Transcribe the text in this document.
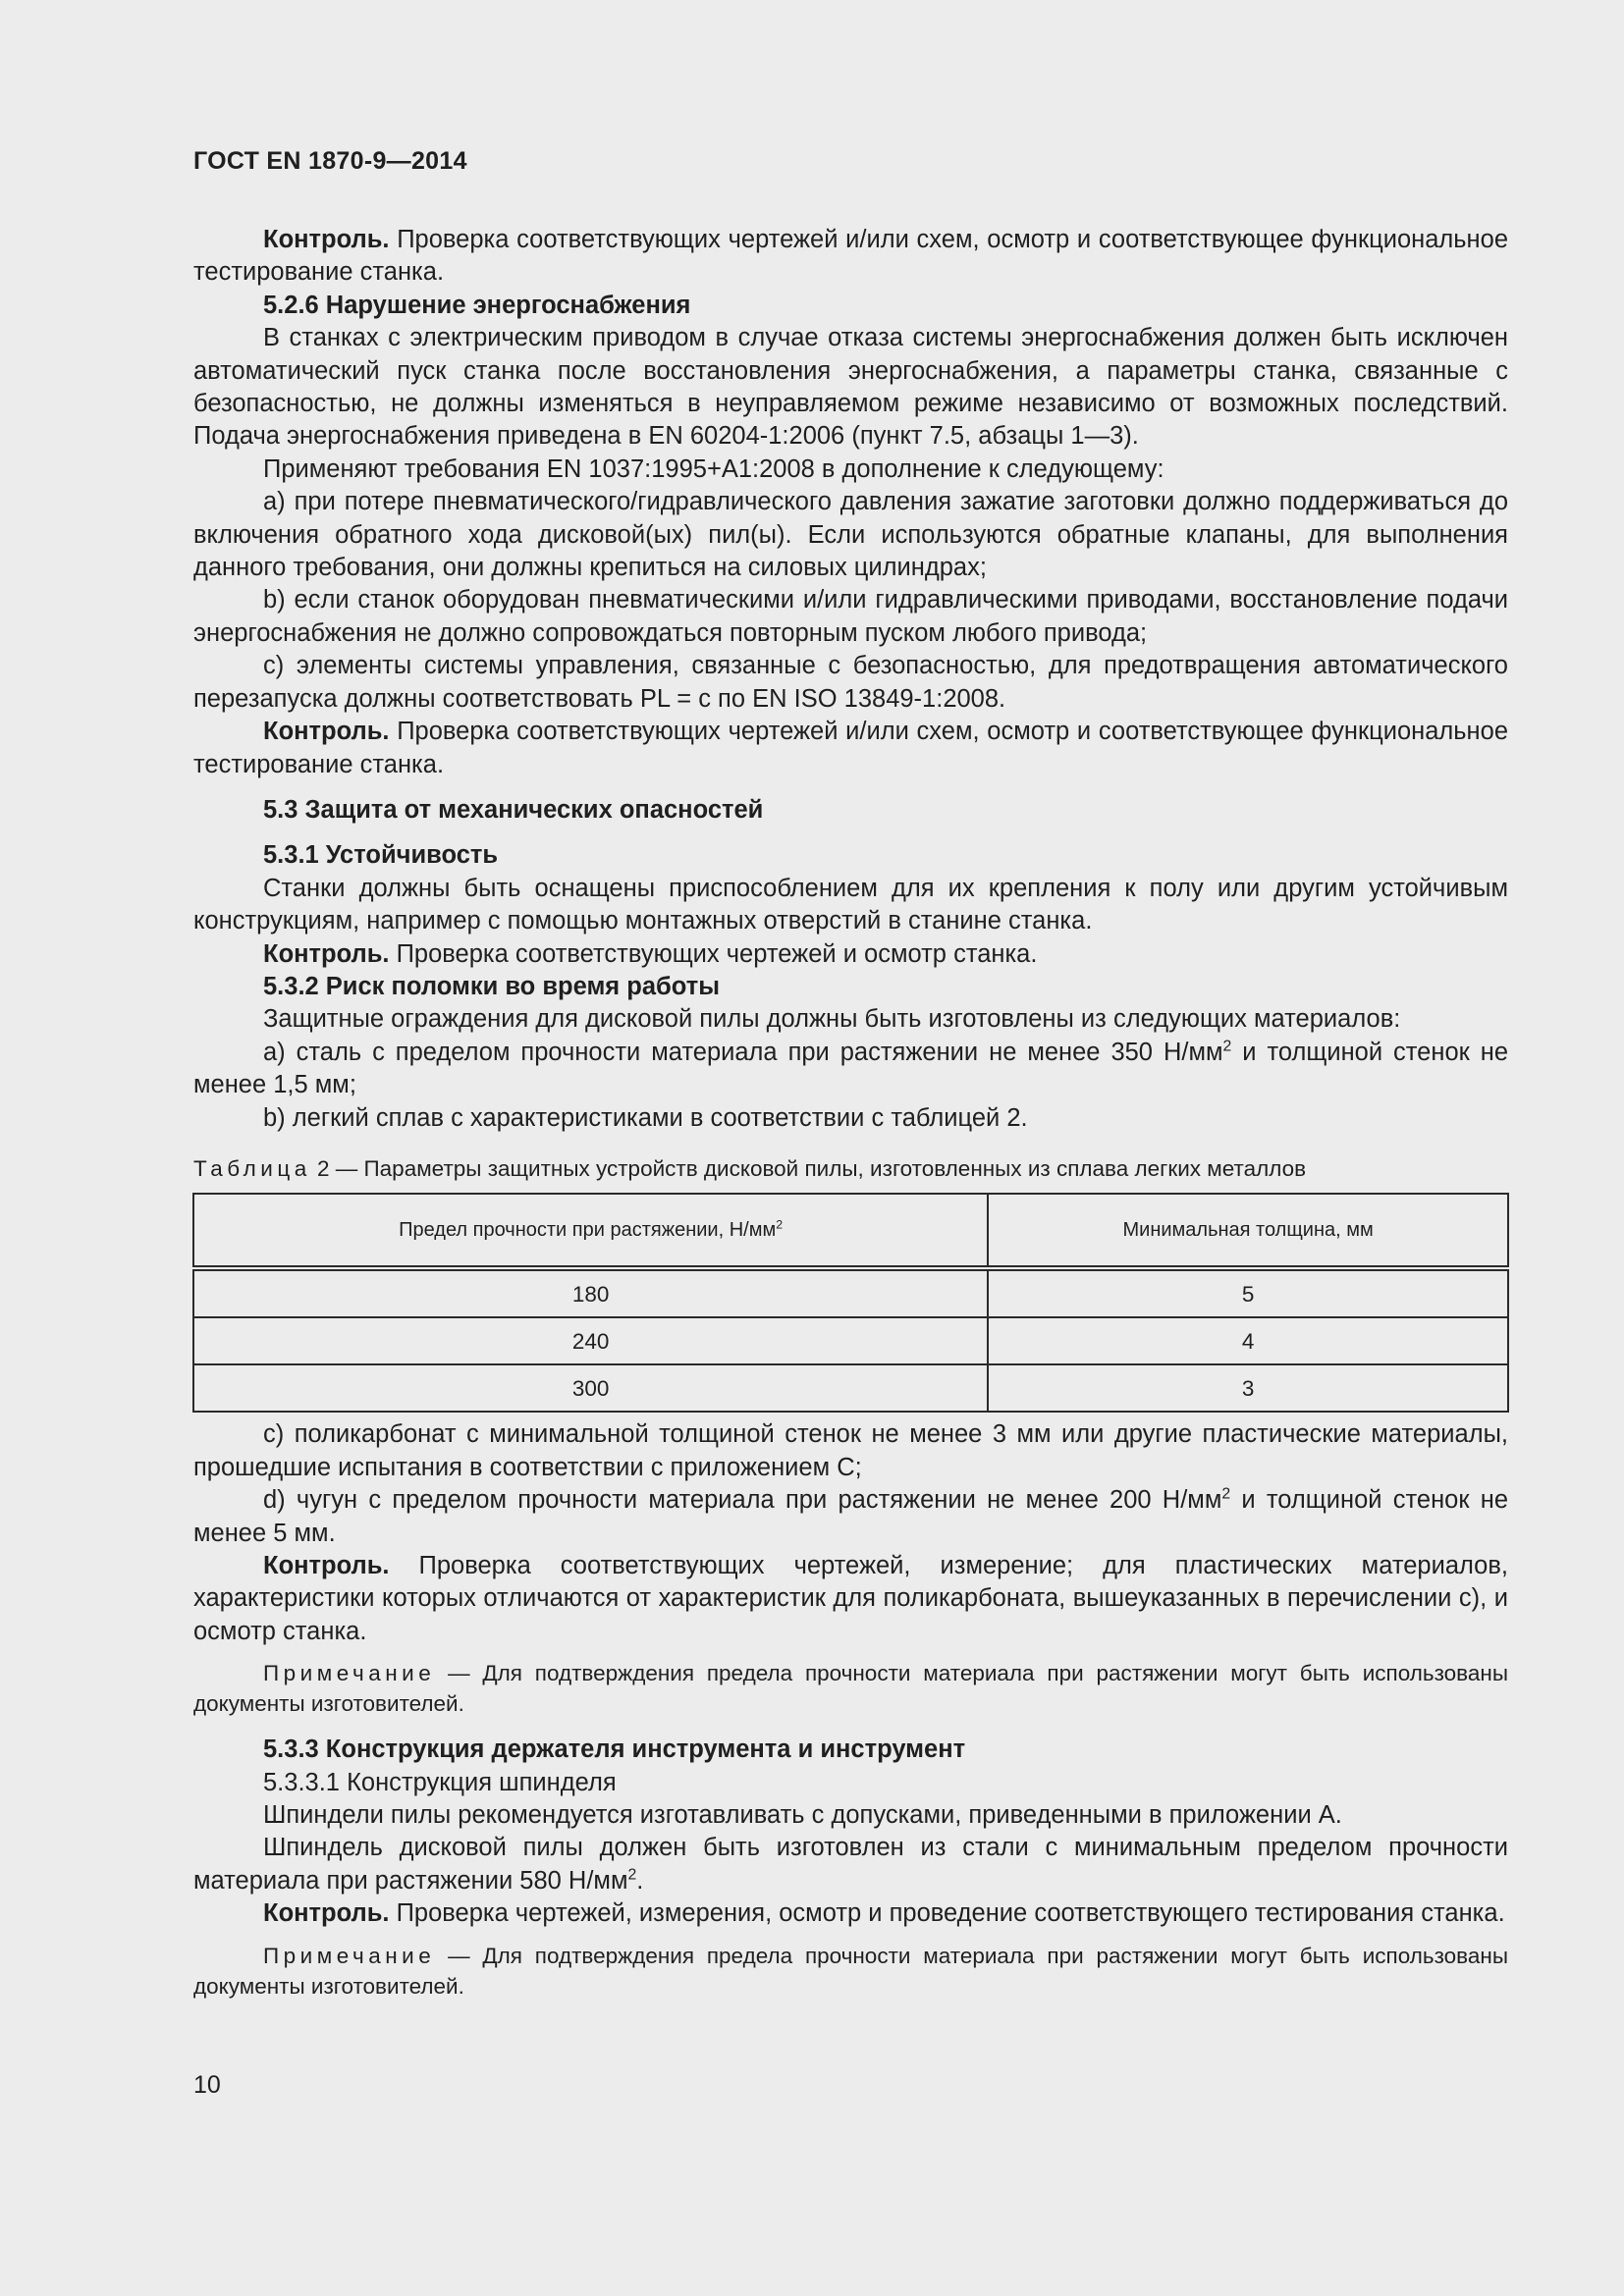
ГОСТ EN 1870-9—2014

Контроль. Проверка соответствующих чертежей и/или схем, осмотр и соответствующее функциональное тестирование станка.

5.2.6 Нарушение энергоснабжения

В станках с электрическим приводом в случае отказа системы энергоснабжения должен быть исключен автоматический пуск станка после восстановления энергоснабжения, а параметры станка, связанные с безопасностью, не должны изменяться в неуправляемом режиме независимо от возможных последствий. Подача энергоснабжения приведена в EN 60204-1:2006 (пункт 7.5, абзацы 1—3).

Применяют требования EN 1037:1995+A1:2008 в дополнение к следующему:

a) при потере пневматического/гидравлического давления зажатие заготовки должно поддерживаться до включения обратного хода дисковой(ых) пил(ы). Если используются обратные клапаны, для выполнения данного требования, они должны крепиться на силовых цилиндрах;

b) если станок оборудован пневматическими и/или гидравлическими приводами, восстановление подачи энергоснабжения не должно сопровождаться повторным пуском любого привода;

c) элементы системы управления, связанные с безопасностью, для предотвращения автоматического перезапуска должны соответствовать PL = c по EN ISO 13849-1:2008.

Контроль. Проверка соответствующих чертежей и/или схем, осмотр и соответствующее функциональное тестирование станка.

5.3 Защита от механических опасностей

5.3.1 Устойчивость

Станки должны быть оснащены приспособлением для их крепления к полу или другим устойчивым конструкциям, например с помощью монтажных отверстий в станине станка.

Контроль. Проверка соответствующих чертежей и осмотр станка.

5.3.2 Риск поломки во время работы

Защитные ограждения для дисковой пилы должны быть изготовлены из следующих материалов:

a) сталь с пределом прочности материала при растяжении не менее 350 $Н/мм^2$ и толщиной стенок не менее 1,5 мм;

b) легкий сплав с характеристиками в соответствии с таблицей 2.

Таблица 2 — Параметры защитных устройств дисковой пилы, изготовленных из сплава легких металлов

Предел прочности при растяжении, $Н/мм^2$	Минимальная толщина, мм
180	5
240	4
300	3

c) поликарбонат с минимальной толщиной стенок не менее 3 мм или другие пластические материалы, прошедшие испытания в соответствии с приложением C;

d) чугун с пределом прочности материала при растяжении не менее 200 $Н/мм^2$ и толщиной стенок не менее 5 мм.

Контроль. Проверка соответствующих чертежей, измерение; для пластических материалов, характеристики которых отличаются от характеристик для поликарбоната, вышеуказанных в перечислении c), и осмотр станка.

Примечание — Для подтверждения предела прочности материала при растяжении могут быть использованы документы изготовителей.

5.3.3 Конструкция держателя инструмента и инструмент

5.3.3.1 Конструкция шпинделя

Шпиндели пилы рекомендуется изготавливать с допусками, приведенными в приложении A.

Шпиндель дисковой пилы должен быть изготовлен из стали с минимальным пределом прочности материала при растяжении 580 $Н/мм^2$.

Контроль. Проверка чертежей, измерения, осмотр и проведение соответствующего тестирования станка.

Примечание — Для подтверждения предела прочности материала при растяжении могут быть использованы документы изготовителей.

10
